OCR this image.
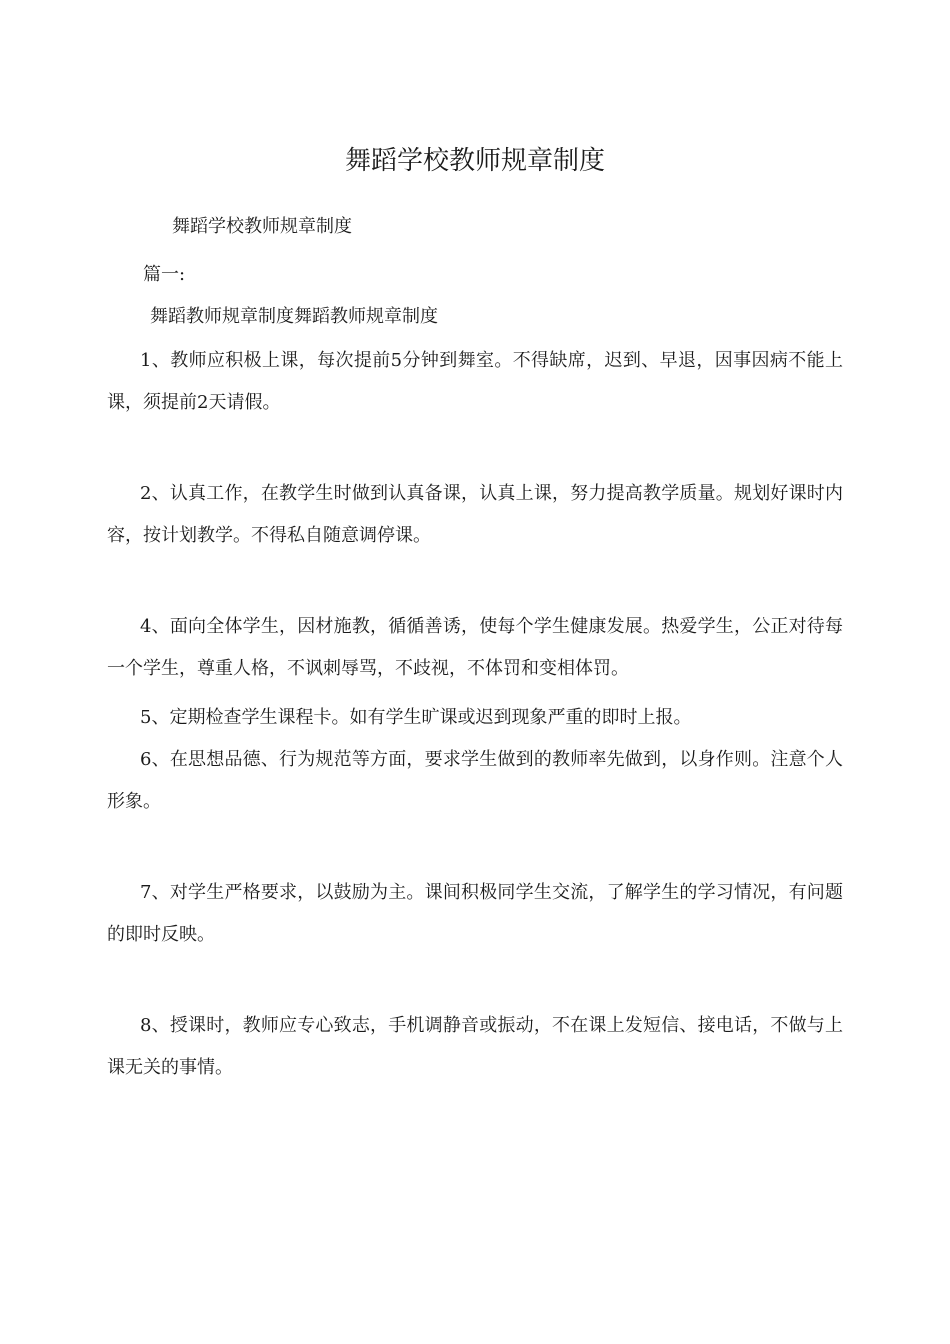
舞蹈学校教师规章制度
舞蹈学校教师规章制度
篇一:
舞蹈教师规章制度舞蹈教师规章制度
1、教师应积极上课，每次提前5分钟到舞室。不得缺席，迟到、早退，因事因病不能上课，须提前2天请假。
2、认真工作，在教学生时做到认真备课，认真上课，努力提高教学质量。规划好课时内容，按计划教学。不得私自随意调停课。
4、面向全体学生，因材施教，循循善诱，使每个学生健康发展。热爱学生，公正对待每一个学生，尊重人格，不讽刺辱骂，不歧视，不体罚和变相体罚。
5、定期检查学生课程卡。如有学生旷课或迟到现象严重的即时上报。
6、在思想品德、行为规范等方面，要求学生做到的教师率先做到，以身作则。注意个人形象。
7、对学生严格要求，以鼓励为主。课间积极同学生交流，了解学生的学习情况，有问题的即时反映。
8、授课时，教师应专心致志，手机调静音或振动，不在课上发短信、接电话，不做与上课无关的事情。
